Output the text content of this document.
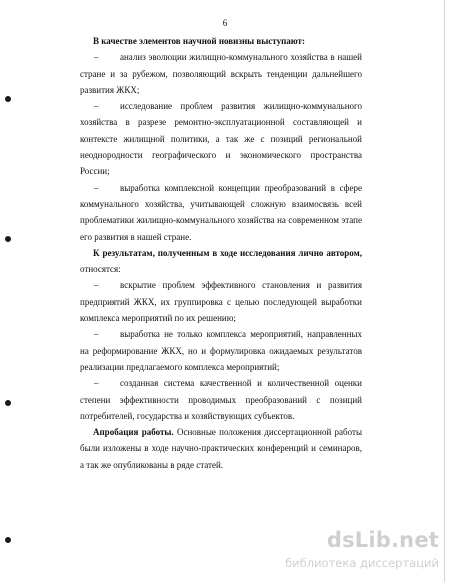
6

В качестве элементов научной новизны выступают:

– анализ эволюции жилищно-коммунального хозяйства в нашей стране и за рубежом, позволяющий вскрыть тенденции дальнейшего развития ЖКХ;

– исследование проблем развития жилищно-коммунального хозяйства в разрезе ремонтно-эксплуатационной составляющей и контексте жилищной политики, а так же с позиций региональной неоднородности географического и экономического пространства России;

– выработка комплексной концепции преобразований в сфере коммунального хозяйства, учитывающей сложную взаимосвязь всей проблематики жилищно-коммунального хозяйства на современном этапе его развития в нашей стране.

К результатам, полученным в ходе исследования лично автором, относятся:

– вскрытие проблем эффективного становления и развития предприятий ЖКХ, их группировка с целью последующей выработки комплекса мероприятий по их решению;

– выработка не только комплекса мероприятий, направленных на реформирование ЖКХ, но и формулировка ожидаемых результатов реализации предлагаемого комплекса мероприятий;

– созданная система качественной и количественной оценки степени эффективности проводимых преобразований с позиций потребителей, государства и хозяйствующих субъектов.

Апробация работы. Основные положения диссертационной работы были изложены в ходе научно-практических конференций и семинаров, а так же опубликованы в ряде статей.

dsLib.net
библиотека диссертаций
